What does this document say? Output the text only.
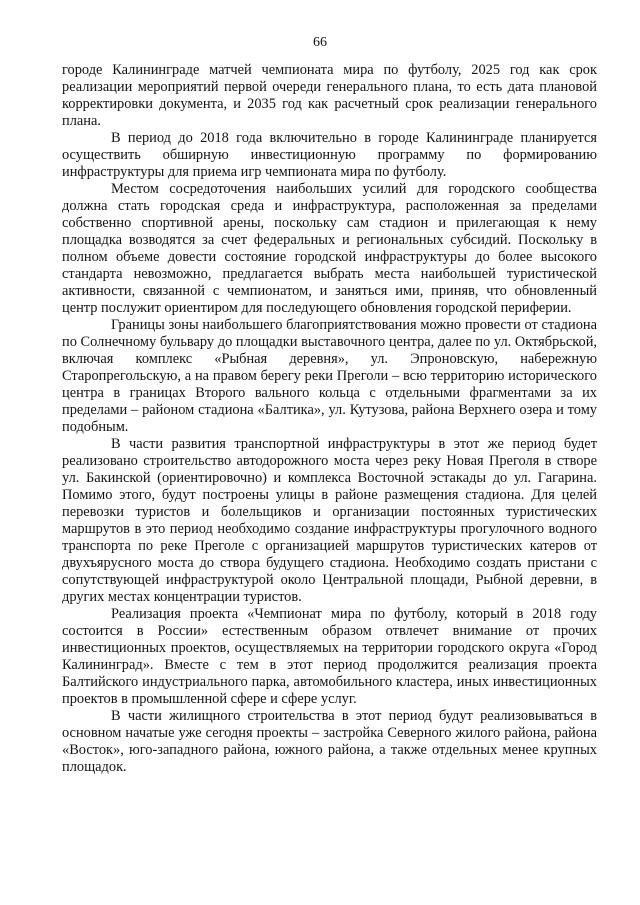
66

городе Калининграде матчей чемпионата мира по футболу, 2025 год как срок реализации мероприятий первой очереди генерального плана, то есть дата плановой корректировки документа, и 2035 год как расчетный срок реализации генерального плана.

В период до 2018 года включительно в городе Калининграде планируется осуществить обширную инвестиционную программу по формированию инфраструктуры для приема игр чемпионата мира по футболу.

Местом сосредоточения наибольших усилий для городского сообщества должна стать городская среда и инфраструктура, расположенная за пределами собственно спортивной арены, поскольку сам стадион и прилегающая к нему площадка возводятся за счет федеральных и региональных субсидий. Поскольку в полном объеме довести состояние городской инфраструктуры до более высокого стандарта невозможно, предлагается выбрать места наибольшей туристической активности, связанной с чемпионатом, и заняться ими, приняв, что обновленный центр послужит ориентиром для последующего обновления городской периферии.

Границы зоны наибольшего благоприятствования можно провести от стадиона по Солнечному бульвару до площадки выставочного центра, далее по ул. Октябрьской, включая комплекс «Рыбная деревня», ул. Эпроновскую, набережную Старопрегольскую, а на правом берегу реки Преголи – всю территорию исторического центра в границах Второго вального кольца с отдельными фрагментами за их пределами – районом стадиона «Балтика», ул. Кутузова, района Верхнего озера и тому подобным.

В части развития транспортной инфраструктуры в этот же период будет реализовано строительство автодорожного моста через реку Новая Преголя в створе ул. Бакинской (ориентировочно) и комплекса Восточной эстакады до ул. Гагарина. Помимо этого, будут построены улицы в районе размещения стадиона. Для целей перевозки туристов и болельщиков и организации постоянных туристических маршрутов в это период необходимо создание инфраструктуры прогулочного водного транспорта по реке Преголе с организацией маршрутов туристических катеров от двухъярусного моста до створа будущего стадиона. Необходимо создать пристани с сопутствующей инфраструктурой около Центральной площади, Рыбной деревни, в других местах концентрации туристов.

Реализация проекта «Чемпионат мира по футболу, который в 2018 году состоится в России» естественным образом отвлечет внимание от прочих инвестиционных проектов, осуществляемых на территории городского округа «Город Калининград». Вместе с тем в этот период продолжится реализация проекта Балтийского индустриального парка, автомобильного кластера, иных инвестиционных проектов в промышленной сфере и сфере услуг.

В части жилищного строительства в этот период будут реализовываться в основном начатые уже сегодня проекты – застройка Северного жилого района, района «Восток», юго-западного района, южного района, а также отдельных менее крупных площадок.
